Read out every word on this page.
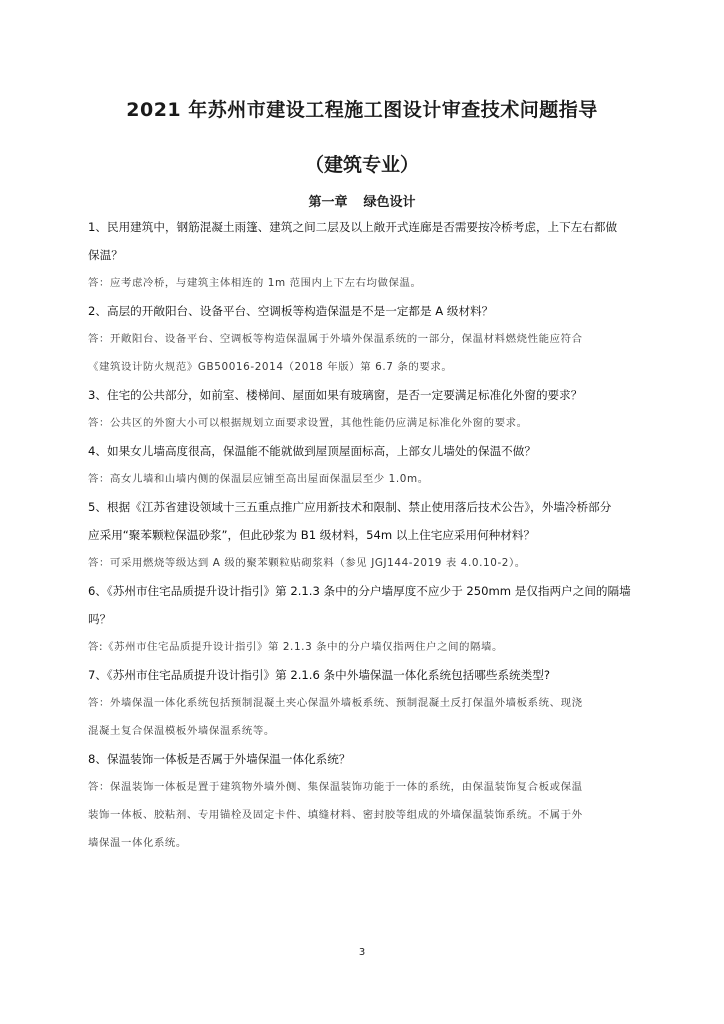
2021 年苏州市建设工程施工图设计审查技术问题指导
（建筑专业）
第一章 绿色设计
1、民用建筑中，钢筋混凝土雨篷、建筑之间二层及以上敞开式连廊是否需要按冷桥考虑，上下左右都做
保温？
答：应考虑冷桥，与建筑主体相连的 1m 范围内上下左右均做保温。
2、高层的开敞阳台、设备平台、空调板等构造保温是不是一定都是 A 级材料？
答：开敞阳台、设备平台、空调板等构造保温属于外墙外保温系统的一部分，保温材料燃烧性能应符合
《建筑设计防火规范》GB50016-2014（2018 年版）第 6.7 条的要求。
3、住宅的公共部分，如前室、楼梯间、屋面如果有玻璃窗，是否一定要满足标准化外窗的要求？
答：公共区的外窗大小可以根据规划立面要求设置，其他性能仍应满足标准化外窗的要求。
4、如果女儿墙高度很高，保温能不能就做到屋顶屋面标高，上部女儿墙处的保温不做？
答：高女儿墙和山墙内侧的保温层应铺至高出屋面保温层至少 1.0m。
5、根据《江苏省建设领域十三五重点推广应用新技术和限制、禁止使用落后技术公告》，外墙冷桥部分
应采用“聚苯颗粒保温砂浆”，但此砂浆为 B1 级材料，54m 以上住宅应采用何种材料？
答：可采用燃烧等级达到 A 级的聚苯颗粒贴砌浆料（参见 JGJ144-2019 表 4.0.10-2）。
6、《苏州市住宅品质提升设计指引》第 2.1.3 条中的分户墙厚度不应少于 250mm 是仅指两户之间的隔墙
吗？
答:《苏州市住宅品质提升设计指引》第 2.1.3 条中的分户墙仅指两住户之间的隔墙。
7、《苏州市住宅品质提升设计指引》第 2.1.6 条中外墙保温一体化系统包括哪些系统类型?
答：外墙保温一体化系统包括预制混凝土夹心保温外墙板系统、预制混凝土反打保温外墙板系统、现浇
混凝土复合保温模板外墙保温系统等。
8、保温装饰一体板是否属于外墙保温一体化系统？
答：保温装饰一体板是置于建筑物外墙外侧、集保温装饰功能于一体的系统，由保温装饰复合板或保温
装饰一体板、胶粘剂、专用锚栓及固定卡件、填缝材料、密封胶等组成的外墙保温装饰系统。不属于外
墙保温一体化系统。
3
